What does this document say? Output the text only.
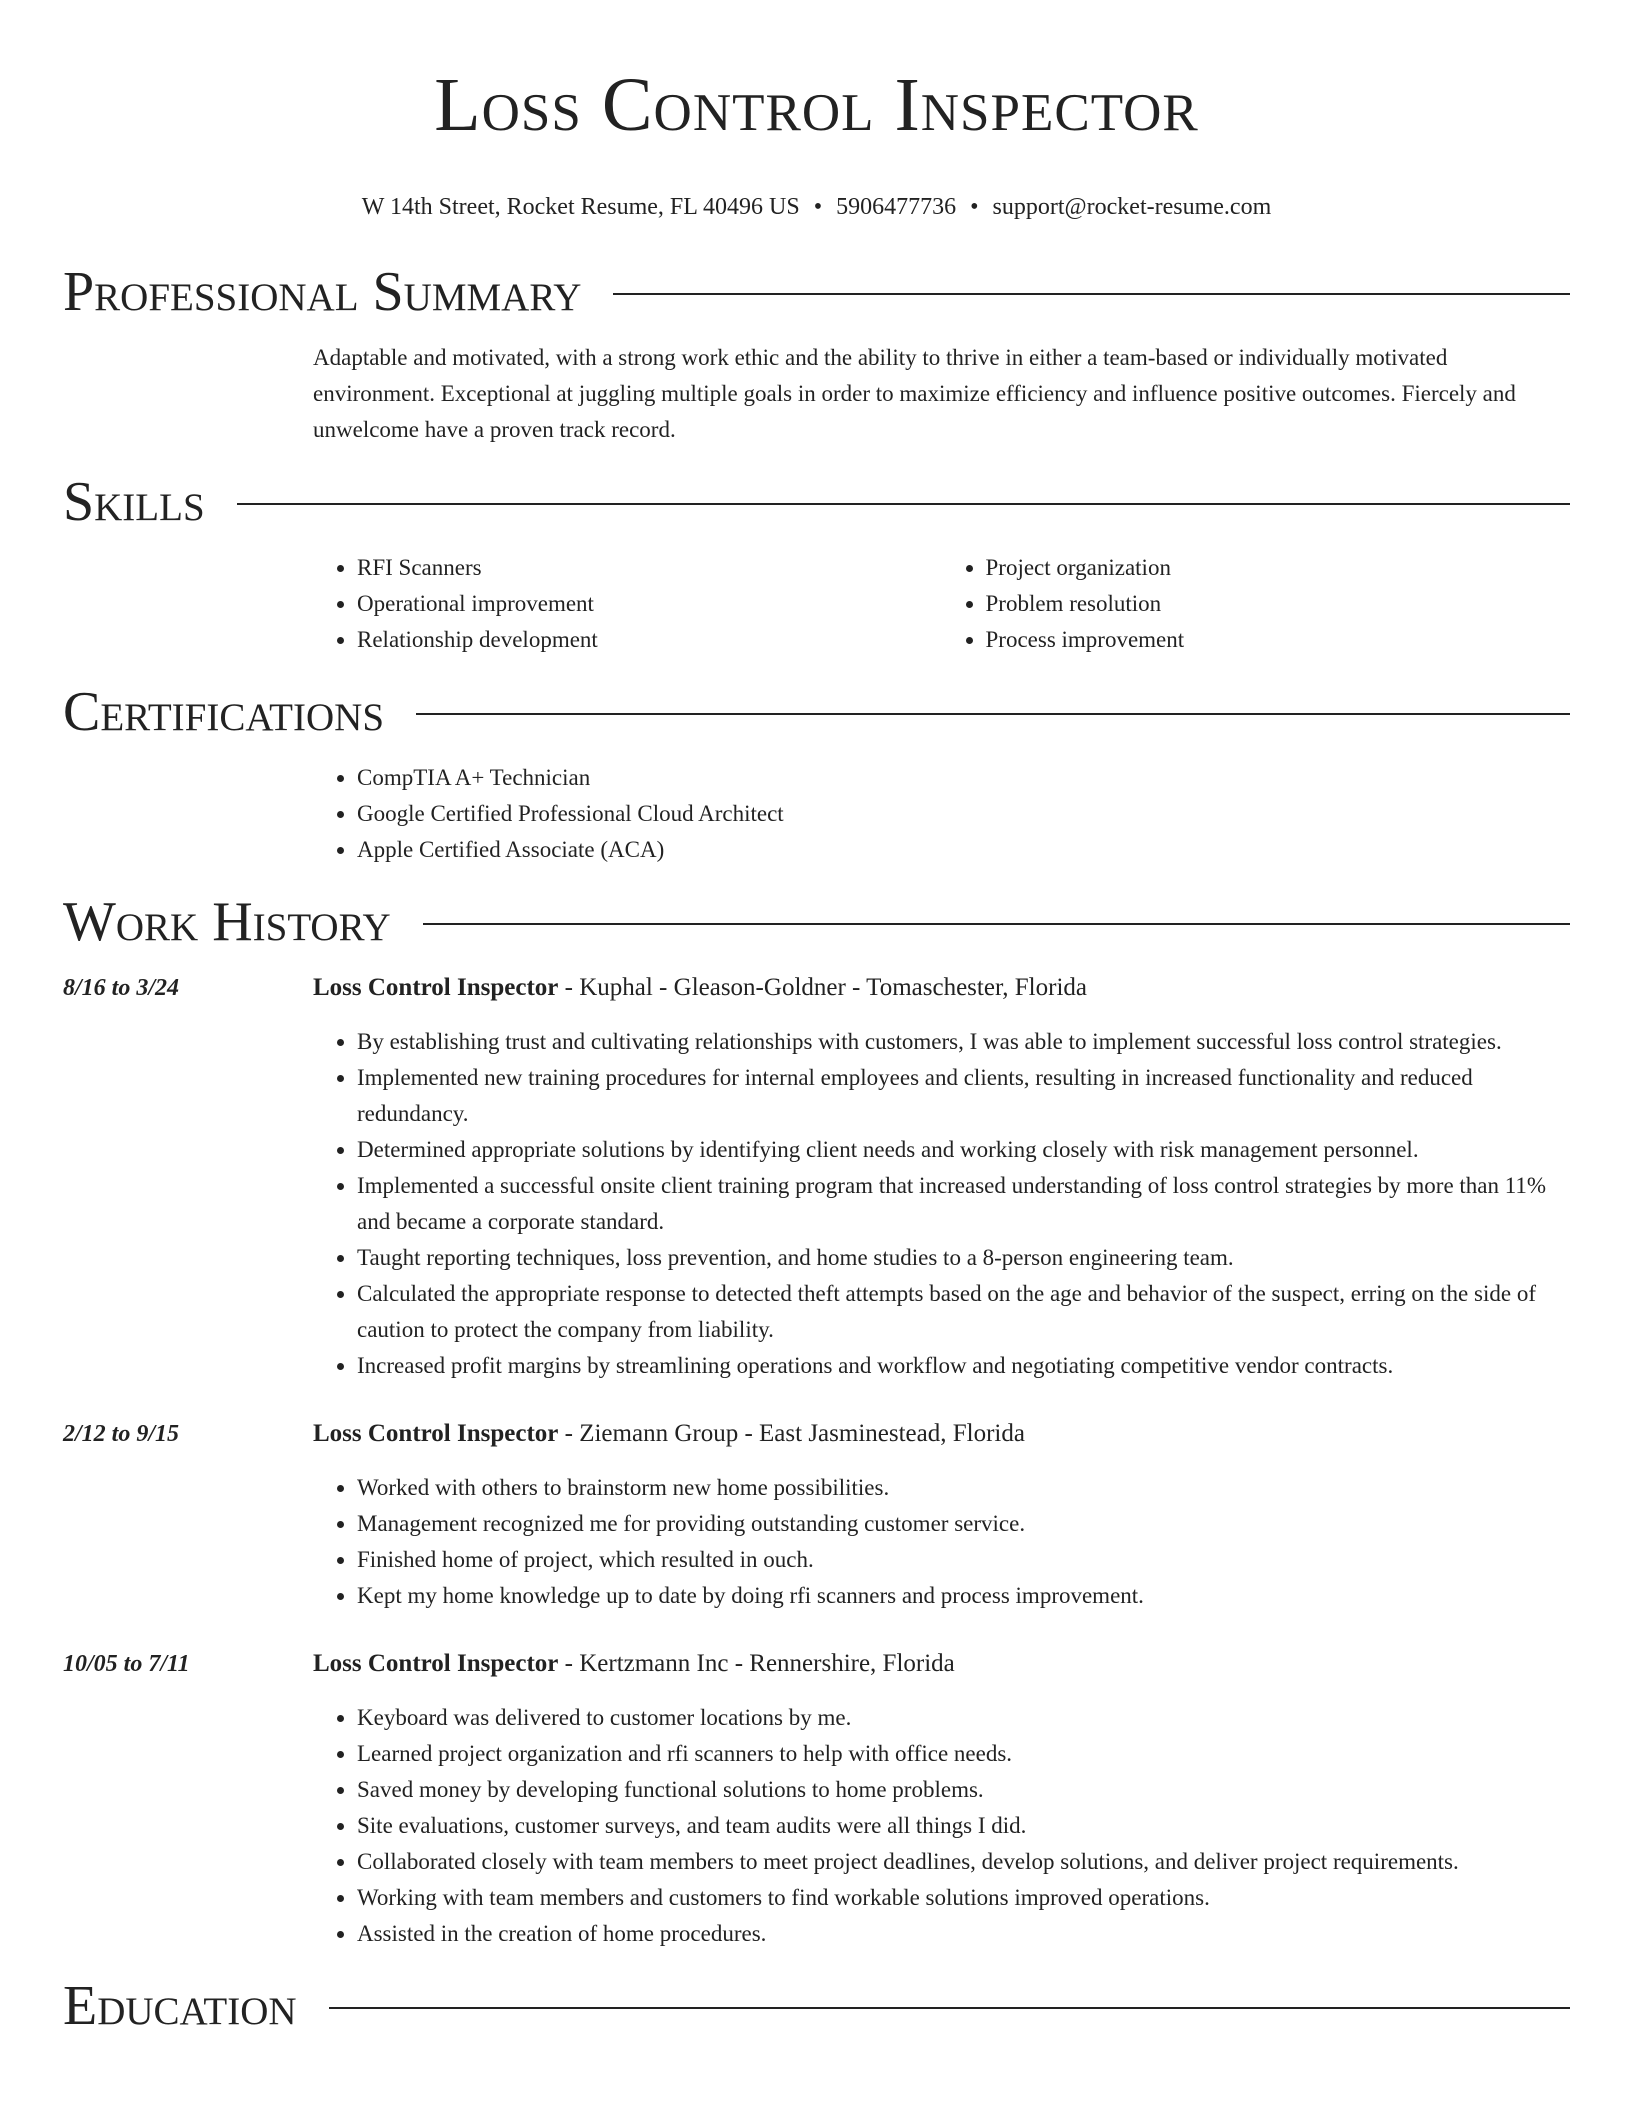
Loss Control Inspector
W 14th Street, Rocket Resume, FL 40496 US • 5906477736 • support@rocket-resume.com
Professional Summary

Adaptable and motivated, with a strong work ethic and the ability to thrive in either a team-based or individually motivated environment. Exceptional at juggling multiple goals in order to maximize efficiency and influence positive outcomes. Fiercely and unwelcome have a proven track record.

Skills
• RFI Scanners
• Operational improvement
• Relationship development
• Project organization
• Problem resolution
• Process improvement
Certifications
• CompTIA A+ Technician
• Google Certified Professional Cloud Architect
• Apple Certified Associate (ACA)
Work History
8/16 to 3/24	Loss Control Inspector - Kuphal - Gleason-Goldner - Tomaschester, Florida
• By establishing trust and cultivating relationships with customers, I was able to implement successful loss control strategies.
• Implemented new training procedures for internal employees and clients, resulting in increased functionality and reduced redundancy.
• Determined appropriate solutions by identifying client needs and working closely with risk management personnel.
• Implemented a successful onsite client training program that increased understanding of loss control strategies by more than 11% and became a corporate standard.
• Taught reporting techniques, loss prevention, and home studies to a 8-person engineering team.
• Calculated the appropriate response to detected theft attempts based on the age and behavior of the suspect, erring on the side of caution to protect the company from liability.
• Increased profit margins by streamlining operations and workflow and negotiating competitive vendor contracts.
2/12 to 9/15	Loss Control Inspector - Ziemann Group - East Jasminestead, Florida
• Worked with others to brainstorm new home possibilities.
• Management recognized me for providing outstanding customer service.
• Finished home of project, which resulted in ouch.
• Kept my home knowledge up to date by doing rfi scanners and process improvement.
10/05 to 7/11	Loss Control Inspector - Kertzmann Inc - Rennershire, Florida
• Keyboard was delivered to customer locations by me.
• Learned project organization and rfi scanners to help with office needs.
• Saved money by developing functional solutions to home problems.
• Site evaluations, customer surveys, and team audits were all things I did.
• Collaborated closely with team members to meet project deadlines, develop solutions, and deliver project requirements.
• Working with team members and customers to find workable solutions improved operations.
• Assisted in the creation of home procedures.
Education
